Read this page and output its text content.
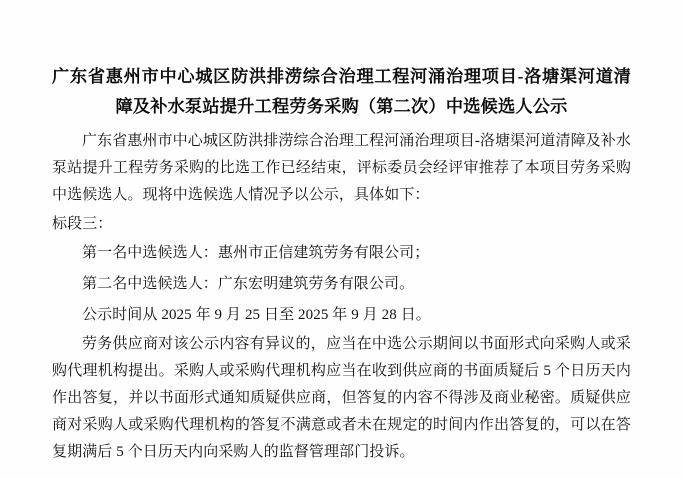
广东省惠州市中心城区防洪排涝综合治理工程河涌治理项目-洛塘渠河道清障及补水泵站提升工程劳务采购（第二次）中选候选人公示

广东省惠州市中心城区防洪排涝综合治理工程河涌治理项目-洛塘渠河道清障及补水泵站提升工程劳务采购的比选工作已经结束，评标委员会经评审推荐了本项目劳务采购中选候选人。现将中选候选人情况予以公示，具体如下：

标段三：

第一名中选候选人：惠州市正信建筑劳务有限公司；

第二名中选候选人：广东宏明建筑劳务有限公司。

公示时间从 2025 年 9 月 25 日至 2025 年 9 月 28 日。

劳务供应商对该公示内容有异议的，应当在中选公示期间以书面形式向采购人或采购代理机构提出。采购人或采购代理机构应当在收到供应商的书面质疑后 5 个日历天内作出答复，并以书面形式通知质疑供应商，但答复的内容不得涉及商业秘密。质疑供应商对采购人或采购代理机构的答复不满意或者未在规定的时间内作出答复的，可以在答复期满后 5 个日历天内向采购人的监督管理部门投诉。
